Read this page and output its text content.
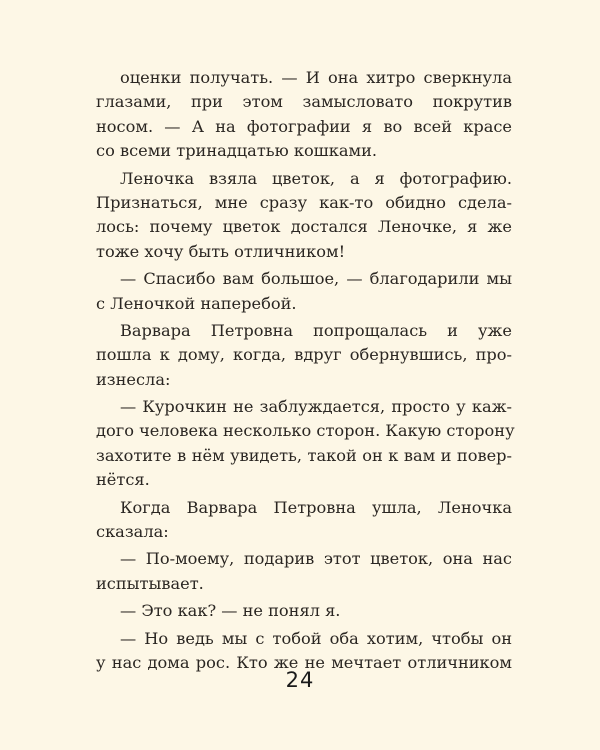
оценки получать. — И она хитро сверкнула
глазами, при этом замысловато покрутив
носом. — А на фотографии я во всей красе
со всеми тринадцатью кошками.
Леночка взяла цветок, а я фотографию.
Признаться, мне сразу как-то обидно сдела-
лось: почему цветок достался Леночке, я же
тоже хочу быть отличником!
— Спасибо вам большое, — благодарили мы
с Леночкой наперебой.
Варвара Петровна попрощалась и уже
пошла к дому, когда, вдруг обернувшись, про-
изнесла:
— Курочкин не заблуждается, просто у каж-
дого человека несколько сторон. Какую сторону
захотите в нём увидеть, такой он к вам и повер-
нётся.
Когда Варвара Петровна ушла, Леночка
сказала:
— По-моему, подарив этот цветок, она нас
испытывает.
— Это как? — не понял я.
— Но ведь мы с тобой оба хотим, чтобы он
у нас дома рос. Кто же не мечтает отличником
24
